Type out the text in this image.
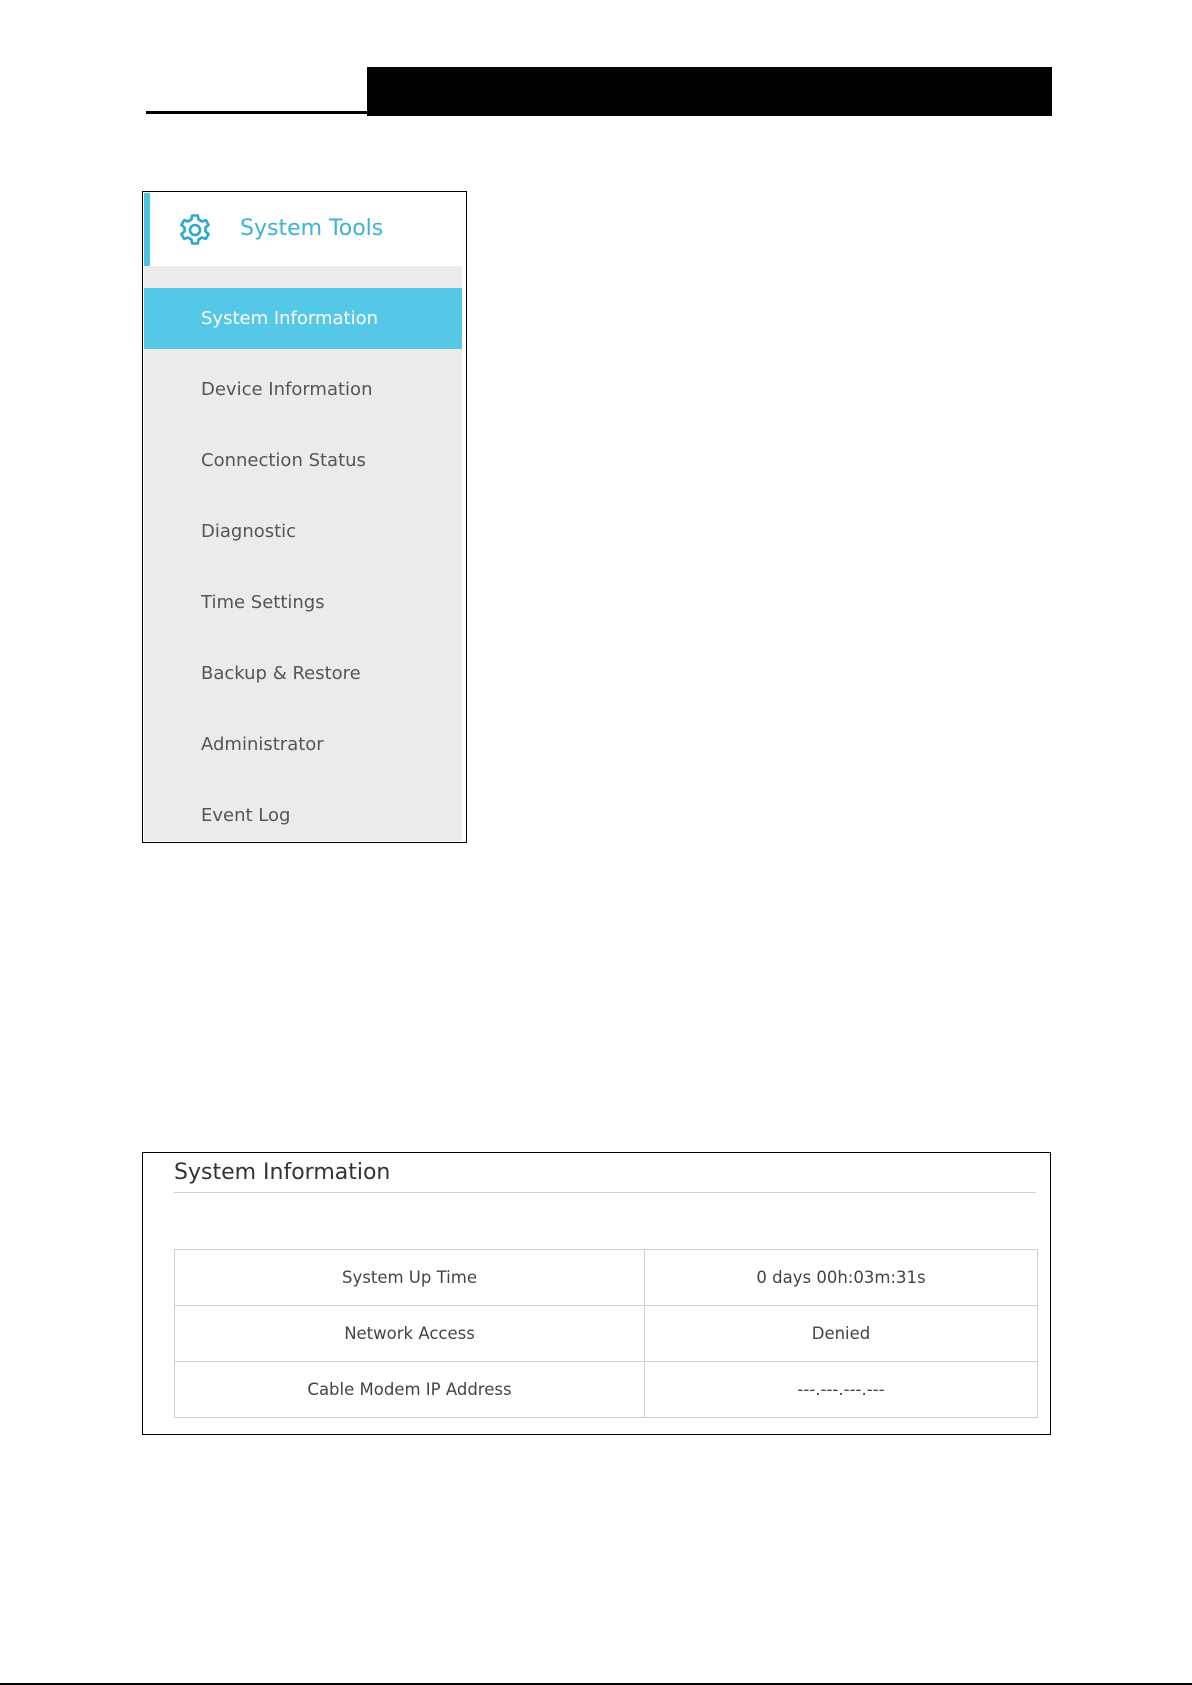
System Tools
System Information
Device Information
Connection Status
Diagnostic
Time Settings
Backup & Restore
Administrator
Event Log
System Information
System Up Time	0 days 00h:03m:31s
Network Access	Denied
Cable Modem IP Address	---.---.---.---
